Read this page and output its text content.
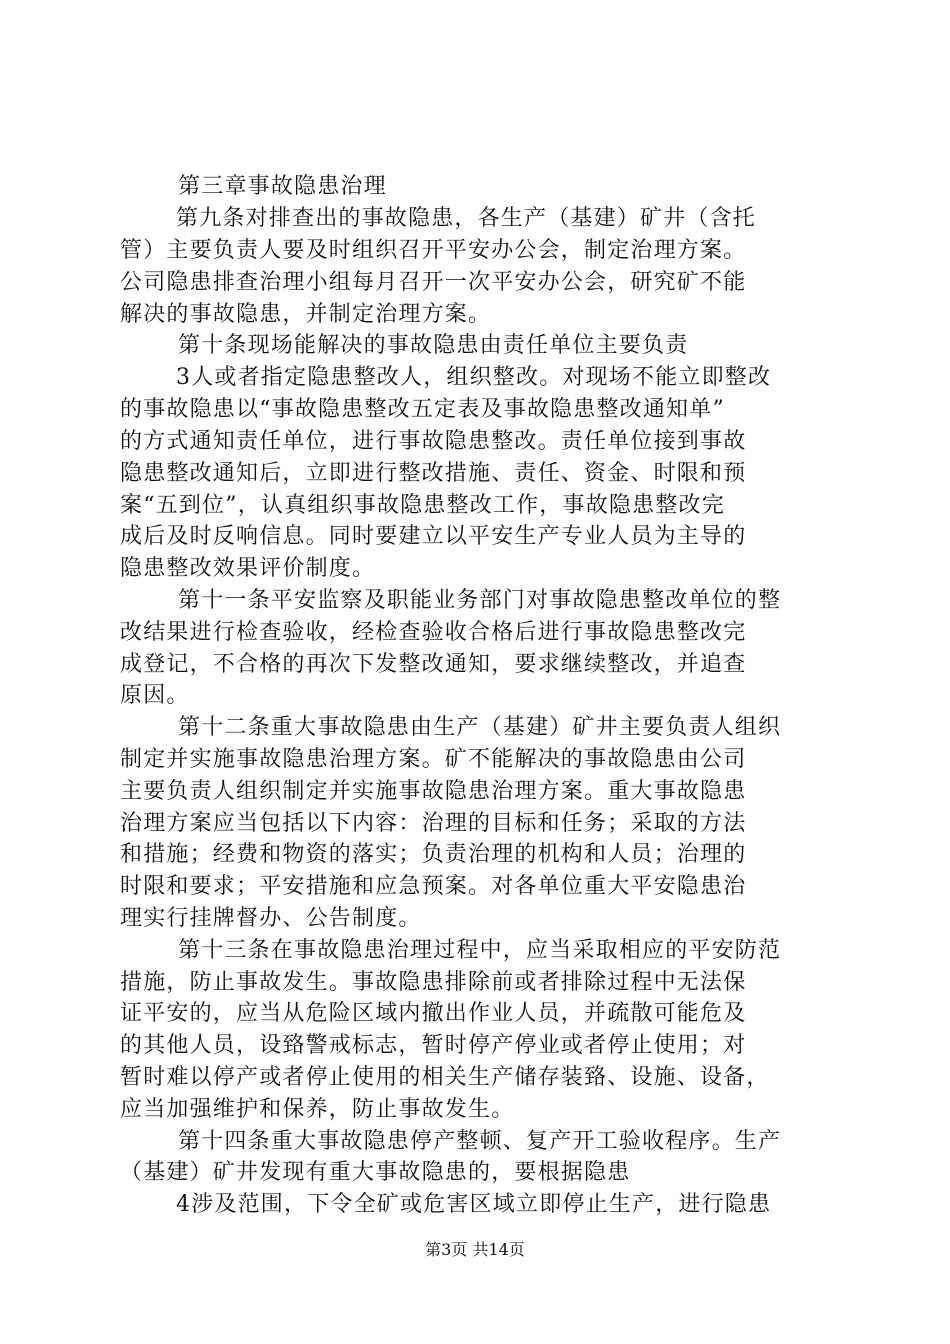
第三章事故隐患治理
第九条对排查出的事故隐患，各生产（基建）矿井（含托
管）主要负责人要及时组织召开平安办公会，制定治理方案。
公司隐患排查治理小组每月召开一次平安办公会，研究矿不能
解决的事故隐患，并制定治理方案。
第十条现场能解决的事故隐患由责任单位主要负责
3人或者指定隐患整改人，组织整改。对现场不能立即整改
的事故隐患以“事故隐患整改五定表及事故隐患整改通知单”
的方式通知责任单位，进行事故隐患整改。责任单位接到事故
隐患整改通知后，立即进行整改措施、责任、资金、时限和预
案“五到位”，认真组织事故隐患整改工作，事故隐患整改完
成后及时反响信息。同时要建立以平安生产专业人员为主导的
隐患整改效果评价制度。
第十一条平安监察及职能业务部门对事故隐患整改单位的整
改结果进行检查验收，经检查验收合格后进行事故隐患整改完
成登记，不合格的再次下发整改通知，要求继续整改，并追查
原因。
第十二条重大事故隐患由生产（基建）矿井主要负责人组织
制定并实施事故隐患治理方案。矿不能解决的事故隐患由公司
主要负责人组织制定并实施事故隐患治理方案。重大事故隐患
治理方案应当包括以下内容：治理的目标和任务；采取的方法
和措施；经费和物资的落实；负责治理的机构和人员；治理的
时限和要求；平安措施和应急预案。对各单位重大平安隐患治
理实行挂牌督办、公告制度。
第十三条在事故隐患治理过程中，应当采取相应的平安防范
措施，防止事故发生。事故隐患排除前或者排除过程中无法保
证平安的，应当从危险区域内撤出作业人员，并疏散可能危及
的其他人员，设臵警戒标志，暂时停产停业或者停止使用；对
暂时难以停产或者停止使用的相关生产储存装臵、设施、设备，
应当加强维护和保养，防止事故发生。
第十四条重大事故隐患停产整顿、复产开工验收程序。生产
（基建）矿井发现有重大事故隐患的，要根据隐患
4涉及范围，下令全矿或危害区域立即停止生产，进行隐患
第3页 共14页
